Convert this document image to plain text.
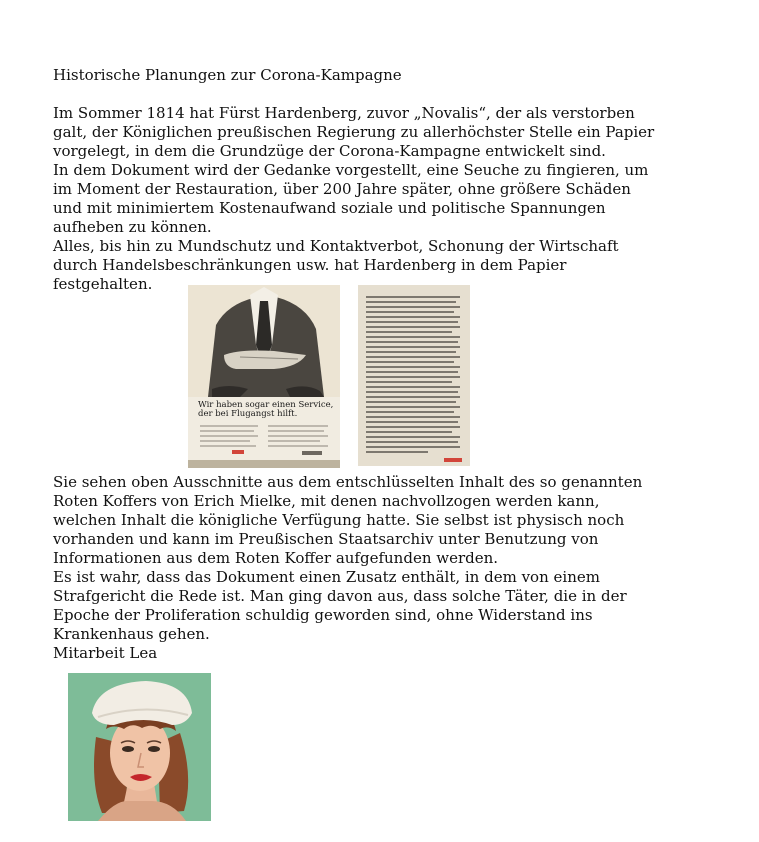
Historische Planungen zur Corona-Kampagne

Im Sommer 1814 hat Fürst Hardenberg, zuvor „Novalis“, der als verstorben
galt, der Königlichen preußischen Regierung zu allerhöchster Stelle ein Papier
vorgelegt, in dem die Grundzüge der Corona-Kampagne entwickelt sind.
In dem Dokument wird der Gedanke vorgestellt, eine Seuche zu fingieren, um
im Moment der Restauration, über 200 Jahre später, ohne größere Schäden
und mit minimiertem Kostenaufwand soziale und politische Spannungen
aufheben zu können.
Alles, bis hin zu Mundschutz und Kontaktverbot, Schonung der Wirtschaft
durch Handelsbeschränkungen usw. hat Hardenberg in dem Papier
festgehalten.

Wir haben sogar einen Service,
der bei Flugangst hilft.

Sie sehen oben Ausschnitte aus dem entschlüsselten Inhalt des so genannten
Roten Koffers von Erich Mielke, mit denen nachvollzogen werden kann,
welchen Inhalt die königliche Verfügung hatte. Sie selbst ist physisch noch
vorhanden und kann im Preußischen Staatsarchiv unter Benutzung von
Informationen aus dem Roten Koffer aufgefunden werden.
Es ist wahr, dass das Dokument einen Zusatz enthält, in dem von einem
Strafgericht die Rede ist. Man ging davon aus, dass solche Täter, die in der
Epoche der Proliferation schuldig geworden sind, ohne Widerstand ins
Krankenhaus gehen.
Mitarbeit Lea
